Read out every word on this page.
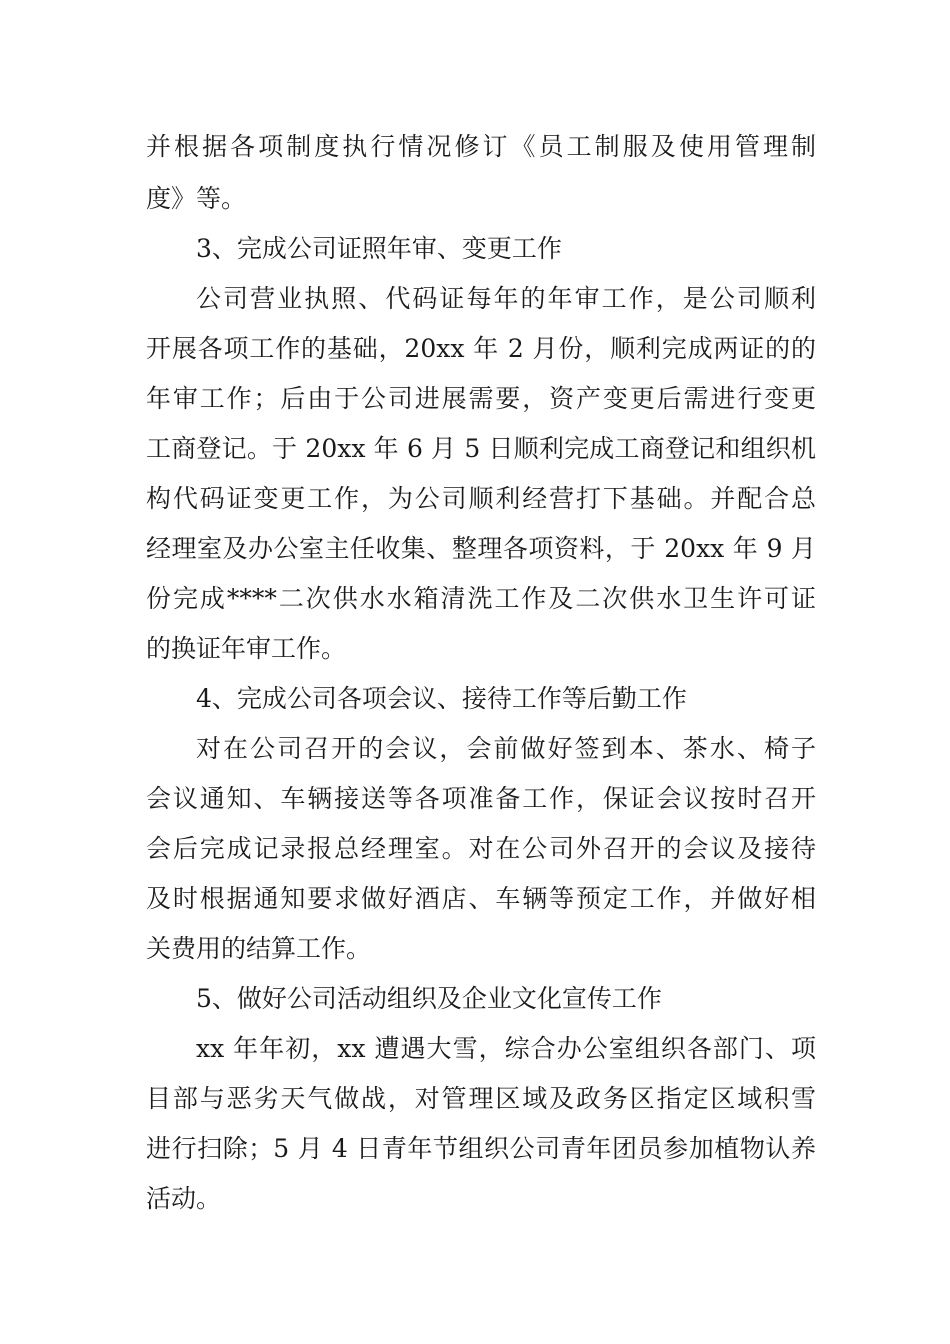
并根据各项制度执行情况修订《员工制服及使用管理制
度》等。
3、完成公司证照年审、变更工作
公司营业执照、代码证每年的年审工作，是公司顺利
开展各项工作的基础，20xx 年 2 月份，顺利完成两证的的
年审工作；后由于公司进展需要，资产变更后需进行变更
工商登记。于 20xx 年 6 月 5 日顺利完成工商登记和组织机
构代码证变更工作，为公司顺利经营打下基础。并配合总
经理室及办公室主任收集、整理各项资料，于 20xx 年 9 月
份完成****二次供水水箱清洗工作及二次供水卫生许可证
的换证年审工作。
4、完成公司各项会议、接待工作等后勤工作
对在公司召开的会议，会前做好签到本、茶水、椅子
会议通知、车辆接送等各项准备工作，保证会议按时召开
会后完成记录报总经理室。对在公司外召开的会议及接待
及时根据通知要求做好酒店、车辆等预定工作，并做好相
关费用的结算工作。
5、做好公司活动组织及企业文化宣传工作
xx 年年初，xx 遭遇大雪，综合办公室组织各部门、项
目部与恶劣天气做战，对管理区域及政务区指定区域积雪
进行扫除；5 月 4 日青年节组织公司青年团员参加植物认养
活动。
